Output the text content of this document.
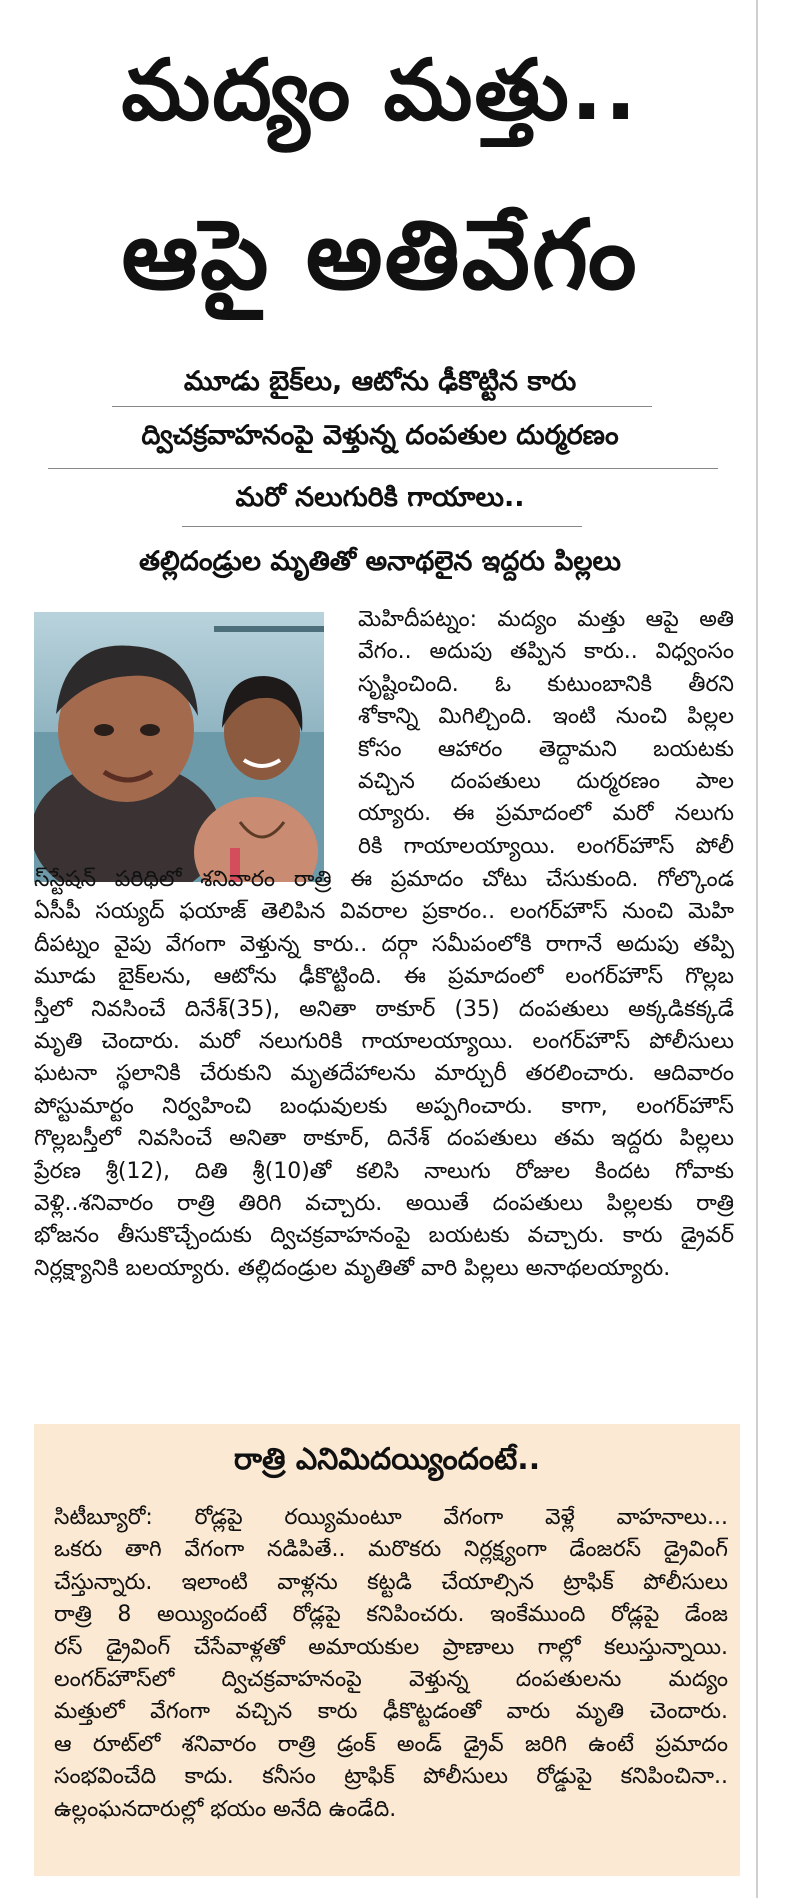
మద్యం మత్తు..
ఆపై అతివేగం
మూడు బైక్‌లు, ఆటోను ఢీకొట్టిన కారు
ద్విచక్రవాహనంపై వెళ్తున్న దంపతుల దుర్మరణం
మరో నలుగురికి గాయాలు..
తల్లిదండ్రుల మృతితో అనాథలైన ఇద్దరు పిల్లలు
మెహిదీపట్నం: మద్యం మత్తు ఆపై అతి
వేగం.. అదుపు తప్పిన కారు.. విధ్వంసం
సృష్టించింది. ఓ కుటుంబానికి తీరని
శోకాన్ని మిగిల్చింది. ఇంటి నుంచి పిల్లల
కోసం ఆహారం తెద్దామని బయటకు
వచ్చిన దంపతులు దుర్మరణం పాల
య్యారు. ఈ ప్రమాదంలో మరో నలుగు
రికి గాయాలయ్యాయి. లంగర్‌హౌస్ పోలీ
స్‌స్టేషన్ పరిధిలో శనివారం రాత్రి ఈ ప్రమాదం చోటు చేసుకుంది. గోల్కొండ
ఏసీపీ సయ్యద్ ఫయాజ్ తెలిపిన వివరాల ప్రకారం.. లంగర్‌హౌస్ నుంచి మెహి
దీపట్నం వైపు వేగంగా వెళ్తున్న కారు.. దర్గా సమీపంలోకి రాగానే అదుపు తప్పి
మూడు బైక్‌లను, ఆటోను ఢీకొట్టింది. ఈ ప్రమాదంలో లంగర్‌హౌస్ గొల్లబ
స్తీలో నివసించే దినేశ్(35), అనితా ఠాకూర్ (35) దంపతులు అక్కడికక్కడే
మృతి చెందారు. మరో నలుగురికి గాయాలయ్యాయి. లంగర్‌హౌస్ పోలీసులు
ఘటనా స్థలానికి చేరుకుని మృతదేహాలను మార్చురీ తరలించారు. ఆదివారం
పోస్టుమార్టం నిర్వహించి బంధువులకు అప్పగించారు. కాగా, లంగర్‌హౌస్
గొల్లబస్తీలో నివసించే అనితా ఠాకూర్, దినేశ్ దంపతులు తమ ఇద్దరు పిల్లలు
ప్రేరణ శ్రీ(12), దితి శ్రీ(10)తో కలిసి నాలుగు రోజుల కిందట గోవాకు
వెళ్లి..శనివారం రాత్రి తిరిగి వచ్చారు. అయితే దంపతులు పిల్లలకు రాత్రి
భోజనం తీసుకొచ్చేందుకు ద్విచక్రవాహనంపై బయటకు వచ్చారు. కారు డ్రైవర్
నిర్లక్ష్యానికి బలయ్యారు. తల్లిదండ్రుల మృతితో వారి పిల్లలు అనాథలయ్యారు.
రాత్రి ఎనిమిదయ్యిందంటే..
సిటీబ్యూరో: రోడ్లపై రయ్యిమంటూ వేగంగా వెళ్లే వాహనాలు...
ఒకరు తాగి వేగంగా నడిపితే.. మరొకరు నిర్లక్ష్యంగా డేంజరస్ డ్రైవింగ్
చేస్తున్నారు. ఇలాంటి వాళ్లను కట్టడి చేయాల్సిన ట్రాఫిక్ పోలీసులు
రాత్రి 8 అయ్యిందంటే రోడ్లపై కనిపించరు. ఇంకేముంది రోడ్లపై డేంజ
రస్ డ్రైవింగ్ చేసేవాళ్లతో అమాయకుల ప్రాణాలు గాల్లో కలుస్తున్నాయి.
లంగర్‌హౌస్‌లో ద్విచక్రవాహనంపై వెళ్తున్న దంపతులను మద్యం
మత్తులో వేగంగా వచ్చిన కారు ఢీకొట్టడంతో వారు మృతి చెందారు.
ఆ రూట్‌లో శనివారం రాత్రి డ్రంక్ అండ్ డ్రైవ్ జరిగి ఉంటే ప్రమాదం
సంభవించేది కాదు. కనీసం ట్రాఫిక్ పోలీసులు రోడ్డుపై కనిపించినా..
ఉల్లంఘనదారుల్లో భయం అనేది ఉండేది.
